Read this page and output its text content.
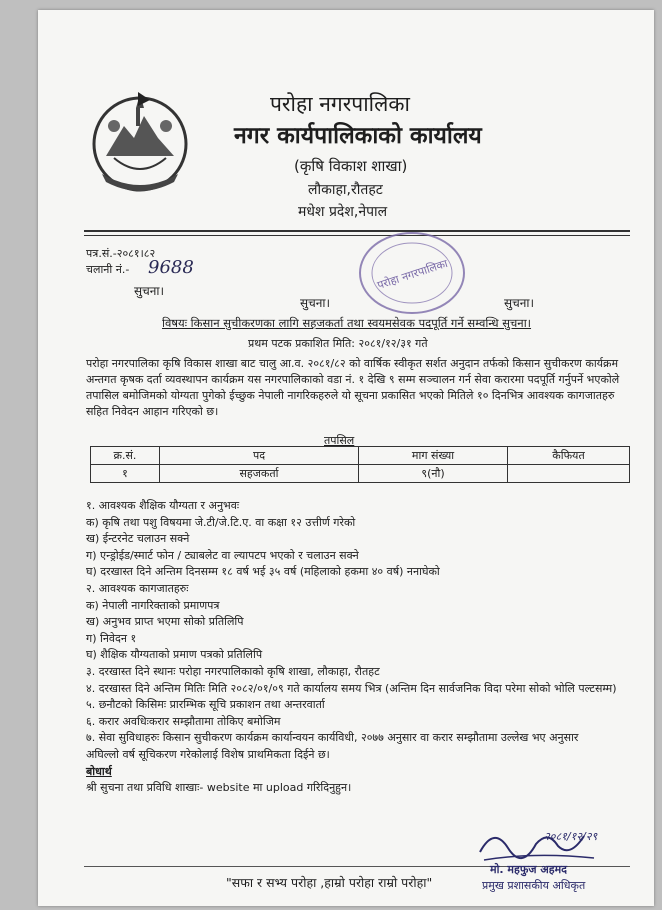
परोहा नगरपालिका
नगर कार्यपालिकाको कार्यालय
(कृषि विकाश शाखा)
लौकाहा,रौतहट
मधेश प्रदेश,नेपाल
पत्र.सं.-२०८१।८२
चलानी नं.- 9688	परोहा नगरपालिका
सुचना।
सुचना।	सुचना।
विषयः किसान सुचीकरणका लागि सहजकर्ता तथा स्वयमसेवक पदपूर्ति गर्ने सम्वन्धि सुचना।
प्रथम पटक प्रकाशित मिति: २०८१/१२/३१ गते
परोहा नगरपालिका कृषि विकास शाखा बाट चालु आ.व. २०८१/८२ को वार्षिक स्वीकृत सर्शत अनुदान तर्फको किसान सुचीकरण कार्यक्रम अन्तगत कृषक दर्ता व्यवस्थापन कार्यक्रम यस नगरपालिकाको वडा नं. १ देखि ९ सम्म सञ्चालन गर्न सेवा करारमा पदपूर्ति गर्नुपर्ने भएकोले तपासिल बमोजिमको योग्यता पुगेको ईच्छुक नेपाली नागरिकहरुले यो सूचना प्रकासित भएको मितिले १० दिनभित्र आवश्यक कागजातहरु सहित निवेदन आहान गरिएको छ।
तपसिल
क्र.सं.	पद	माग संख्या	कैफियत
१	सहजकर्ता	९(नौ)	
१. आवश्यक शैक्षिक यौग्यता र अनुभवः
क) कृषि तथा पशु विषयमा जे.टी/जे.टि.ए. वा कक्षा १२ उत्तीर्ण गरेको
ख) ईन्टरनेट चलाउन सक्ने
ग) एन्ड्रोईड/स्मार्ट फोन / ट्याबलेट वा ल्यापटप भएको र चलाउन सक्ने
घ) दरखास्त दिने अन्तिम दिनसम्म १८ वर्ष भई ३५ वर्ष (महिलाको हकमा ४० वर्ष) ननाघेको
२. आवश्यक कागजातहरुः
क) नेपाली नागरिक्ताको प्रमाणपत्र
ख) अनुभव प्राप्त भएमा सोको प्रतिलिपि
ग) निवेदन १
घ) शैक्षिक यौग्यताको प्रमाण पत्रको प्रतिलिपि
३. दरखास्त दिने स्थानः परोहा नगरपालिकाको कृषि शाखा, लौकाहा, रौतहट
४. दरखास्त दिने अन्तिम मितिः मिति २०८२/०१/०९ गते कार्यालय समय भित्र (अन्तिम दिन सार्वजनिक विदा परेमा सोको भोलि पल्टसम्म)
५. छनौटको किसिमः प्रारम्भिक सूचि प्रकाशन तथा अन्तरवार्ता
६. करार अवधिःकरार सम्झौतामा तोकिए बमोजिम
७. सेवा सुविधाहरुः किसान सुचीकरण कार्यक्रम कार्यान्वयन कार्यविधी, २०७७ अनुसार वा करार सम्झौतामा उल्लेख भए अनुसार
अघिल्लो वर्ष सूचिकरण गरेकोलाई विशेष प्राथमिकता दिईने छ।
बोधार्थ
श्री सुचना तथा प्रविधि शाखाः- website मा upload गरिदिनुहुन।
२०८१/१२/२९
मो. महफुज अहमद
प्रमुख प्रशासकीय अधिकृत
"सफा र सभ्य परोहा ,हाम्रो परोहा राम्रो परोहा"
